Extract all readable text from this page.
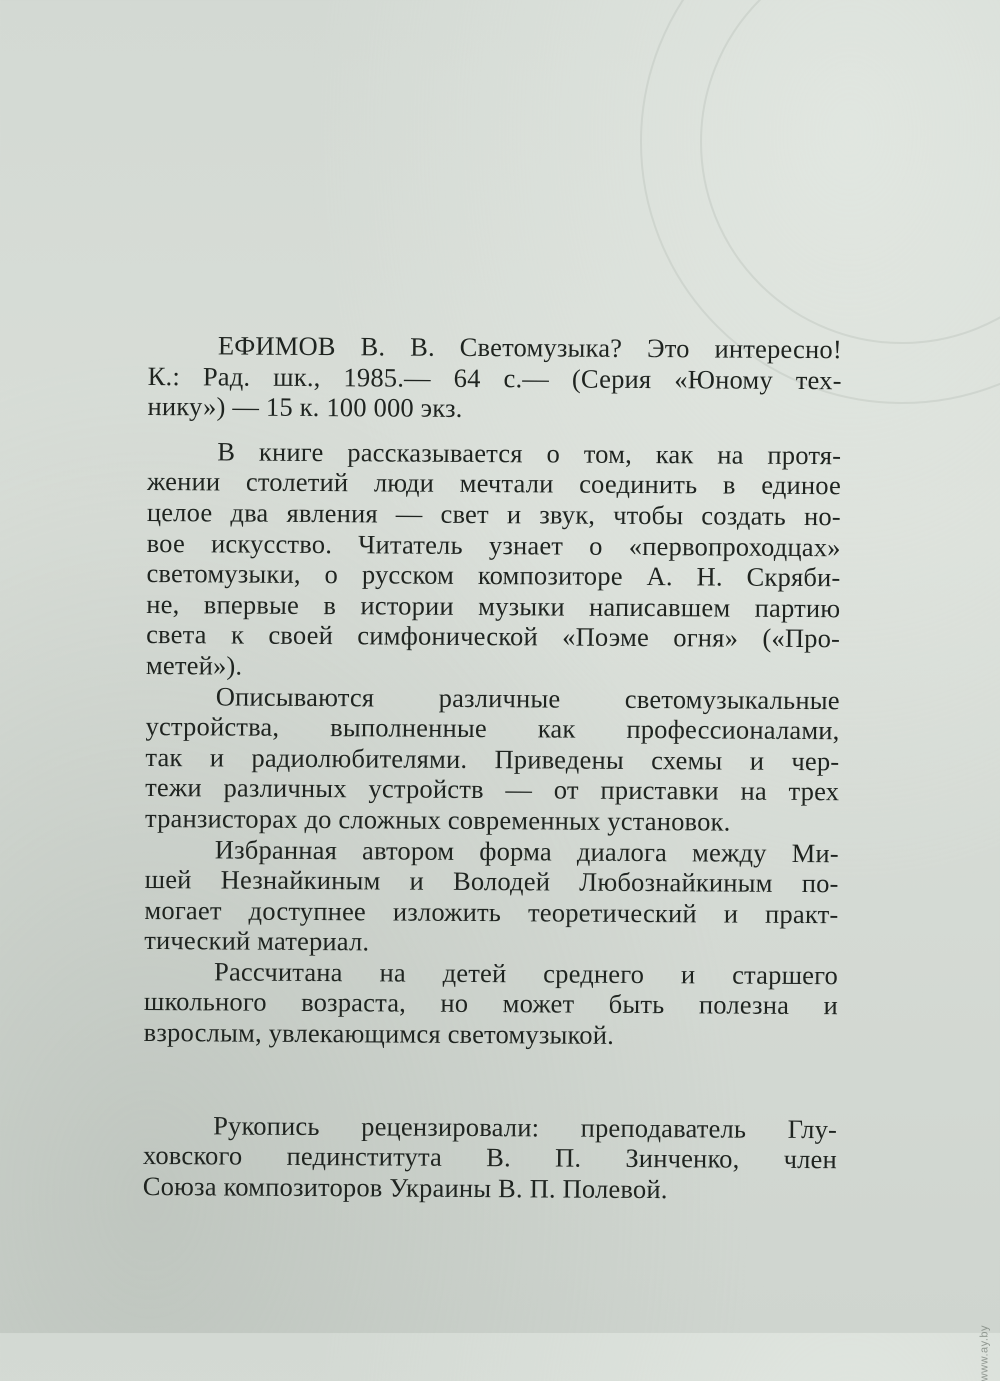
ЕФИМОВ В. В. Светомузыка? Это интересно!
К.: Рад. шк., 1985.— 64 с.— (Серия «Юному тех-
нику») — 15 к. 100 000 экз.
В книге рассказывается о том, как на протя-
жении столетий люди мечтали соединить в единое
целое два явления — свет и звук, чтобы создать но-
вое искусство. Читатель узнает о «первопроходцах»
светомузыки, о русском композиторе А. Н. Скряби-
не, впервые в истории музыки написавшем партию
света к своей симфонической «Поэме огня» («Про-
метей»).
Описываются различные светомузыкальные
устройства, выполненные как профессионалами,
так и радиолюбителями. Приведены схемы и чер-
тежи различных устройств — от приставки на трех
транзисторах до сложных современных установок.
Избранная автором форма диалога между Ми-
шей Незнайкиным и Володей Любознайкиным по-
могает доступнее изложить теоретический и практ-
тический материал.
Рассчитана на детей среднего и старшего
школьного возраста, но может быть полезна и
взрослым, увлекающимся светомузыкой.
Рукопись рецензировали: преподаватель Глу-
ховского пединститута В. П. Зинченко, член
Союза композиторов Украины В. П. Полевой.
www.ay.by
